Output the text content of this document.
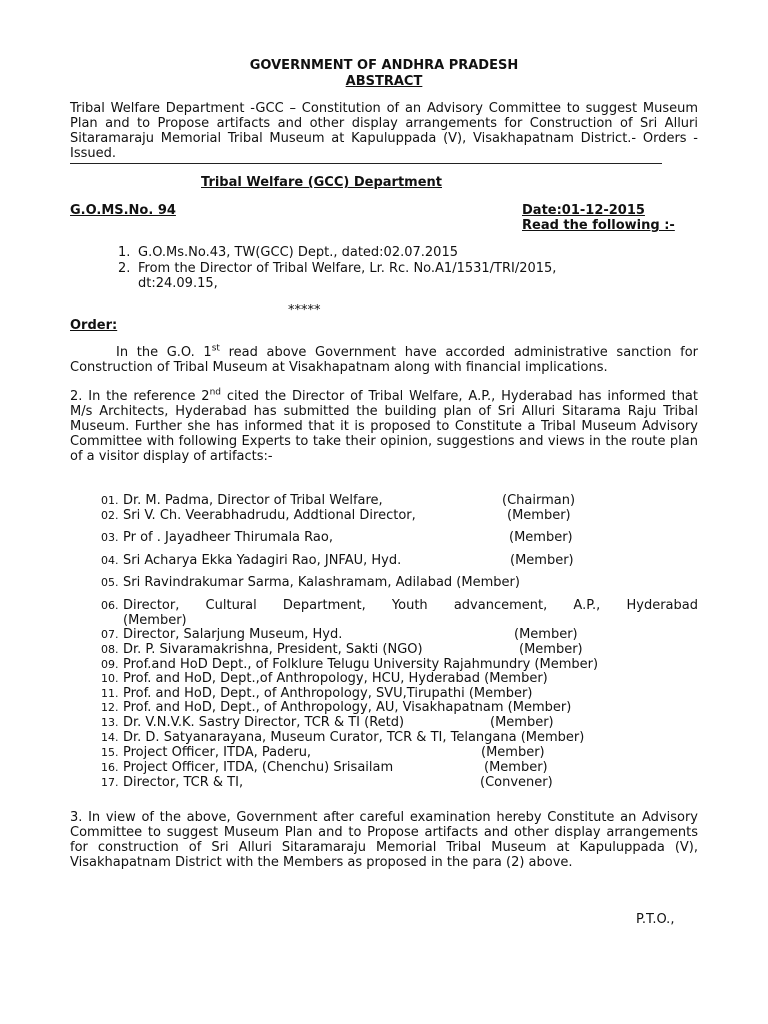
GOVERNMENT OF ANDHRA PRADESH
ABSTRACT
Tribal Welfare Department -GCC – Constitution of an Advisory Committee to suggest Museum Plan and to Propose artifacts and other display arrangements for Construction of Sri Alluri Sitaramaraju Memorial Tribal Museum at Kapuluppada (V), Visakhapatnam District.- Orders - Issued.
Tribal Welfare (GCC) Department
G.O.MS.No. 94	Date:01-12-2015
Read the following :-
1. G.O.Ms.No.43, TW(GCC) Dept., dated:02.07.2015
2. From the Director of Tribal Welfare, Lr. Rc. No.A1/1531/TRI/2015,
dt:24.09.15,
*****
Order:
In the G.O. 1st read above Government have accorded administrative sanction for Construction of Tribal Museum at Visakhapatnam along with financial implications.
2. In the reference 2nd cited the Director of Tribal Welfare, A.P., Hyderabad has informed that M/s Architects, Hyderabad has submitted the building plan of Sri Alluri Sitarama Raju Tribal Museum. Further she has informed that it is proposed to Constitute a Tribal Museum Advisory Committee with following Experts to take their opinion, suggestions and views in the route plan of a visitor display of artifacts:-
01. Dr. M. Padma, Director of Tribal Welfare,	(Chairman)
02. Sri V. Ch. Veerabhadrudu, Addtional Director,	(Member)
03. Pr of . Jayadheer Thirumala Rao,	(Member)
04. Sri Acharya Ekka Yadagiri Rao, JNFAU, Hyd.	(Member)
05. Sri Ravindrakumar Sarma, Kalashramam, Adilabad (Member)
06. Director, Cultural Department, Youth advancement, A.P., Hyderabad
(Member)
07. Director, Salarjung Museum, Hyd.	(Member)
08. Dr. P. Sivaramakrishna, President, Sakti (NGO)	(Member)
09. Prof.and HoD Dept., of Folklure Telugu University Rajahmundry (Member)
10. Prof. and HoD, Dept.,of Anthropology, HCU, Hyderabad (Member)
11. Prof. and HoD, Dept., of Anthropology, SVU,Tirupathi (Member)
12. Prof. and HoD, Dept., of Anthropology, AU, Visakhapatnam (Member)
13. Dr. V.N.V.K. Sastry Director, TCR & TI (Retd)	(Member)
14. Dr. D. Satyanarayana, Museum Curator, TCR & TI, Telangana (Member)
15. Project Officer, ITDA, Paderu,	(Member)
16. Project Officer, ITDA, (Chenchu) Srisailam	(Member)
17. Director, TCR & TI,	(Convener)
3. In view of the above, Government after careful examination hereby Constitute an Advisory Committee to suggest Museum Plan and to Propose artifacts and other display arrangements for construction of Sri Alluri Sitaramaraju Memorial Tribal Museum at Kapuluppada (V), Visakhapatnam District with the Members as proposed in the para (2) above.
P.T.O.,
